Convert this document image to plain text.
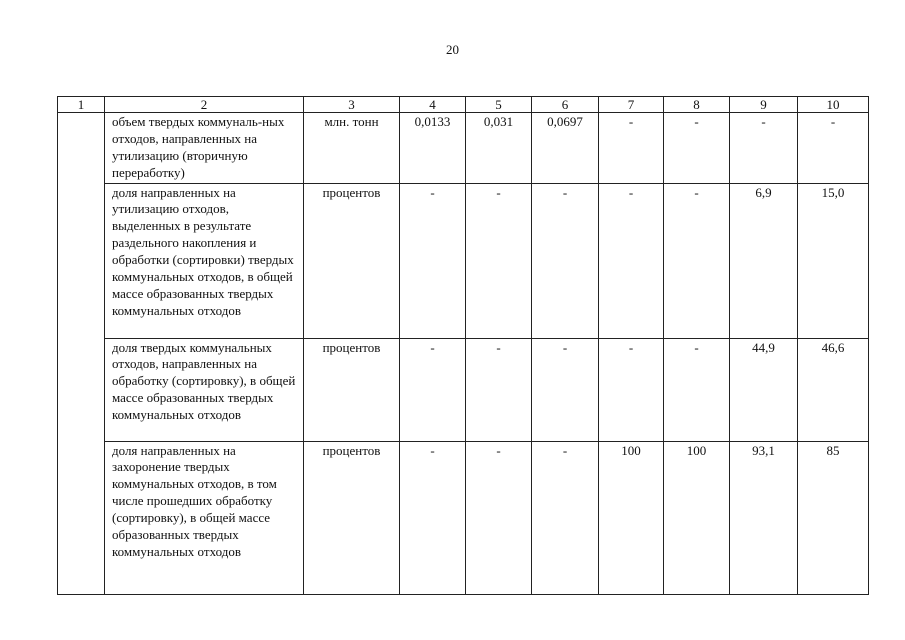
20
1	2	3	4	5	6	7	8	9	10
	объем твердых коммуналь-ных отходов, направленных на утилизацию (вторичную переработку)	млн. тонн	0,0133	0,031	0,0697	-	-	-	-
	доля направленных на утилизацию отходов, выделенных в результате раздельного накопления и обработки (сортировки) твердых коммунальных отходов, в общей массе образованных твердых коммунальных отходов	процентов	-	-	-	-	-	6,9	15,0
	доля твердых коммунальных отходов, направленных на обработку (сортировку), в общей массе образованных твердых коммунальных отходов	процентов	-	-	-	-	-	44,9	46,6
	доля направленных на захоронение твердых коммунальных отходов, в том числе прошедших обработку (сортировку), в общей массе образованных твердых коммунальных отходов	процентов	-	-	-	100	100	93,1	85
